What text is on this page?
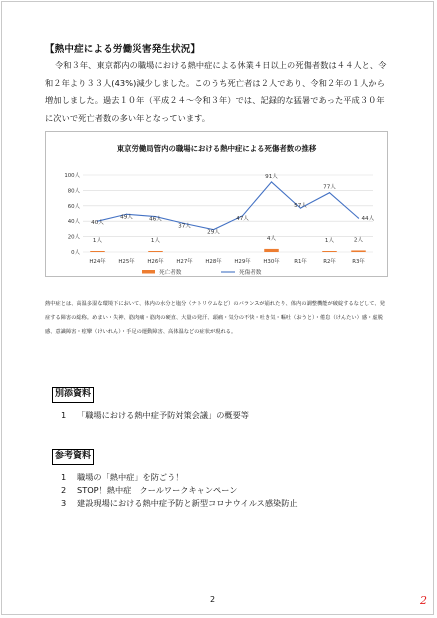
【熱中症による労働災害発生状況】
令和３年、東京都内の職場における熱中症による休業４日以上の死傷者数は４４人と、令和２年より３３人(43%)減少しました。このうち死亡者は２人であり、令和２年の１人から増加しました。過去１０年（平成２４～令和３年）では、記録的な猛暑であった平成３０年に次いで死亡者数の多い年となっています。
東京労働局管内の職場における熱中症による死傷者数の推移
0人
20人
40人
60人
80人
100人
H24年 H25年 H26年 H27年 H28年 H29年 H30年	R1年	R2年	R3年
1人	1人	4人	1人	2人
40人
49人	46人
37人
29人
47人
91人
57人
77人
44人
死亡者数	死傷者数
熱中症とは、高温多湿な環境下において、体内の水分と塩分（ナトリウムなど）のバランスが崩れたり、体内の調整機能が破綻するなどして、発症する障害の総称。めまい・失神、筋肉痛・筋肉の硬直、大量の発汗、頭痛・気分の不快・吐き気・嘔吐（おうと）・倦怠（けんたい）感・虚脱感、意識障害・痙攣（けいれん）・手足の運動障害、高体温などの症状が現れる。
別添資料
1 「職場における熱中症予防対策会議」の概要等
参考資料
1 職場の「熱中症」を防ごう！
2 STOP！熱中症　クールワークキャンペーン
3 建設現場における熱中症予防と新型コロナウイルス感染防止
2	2
